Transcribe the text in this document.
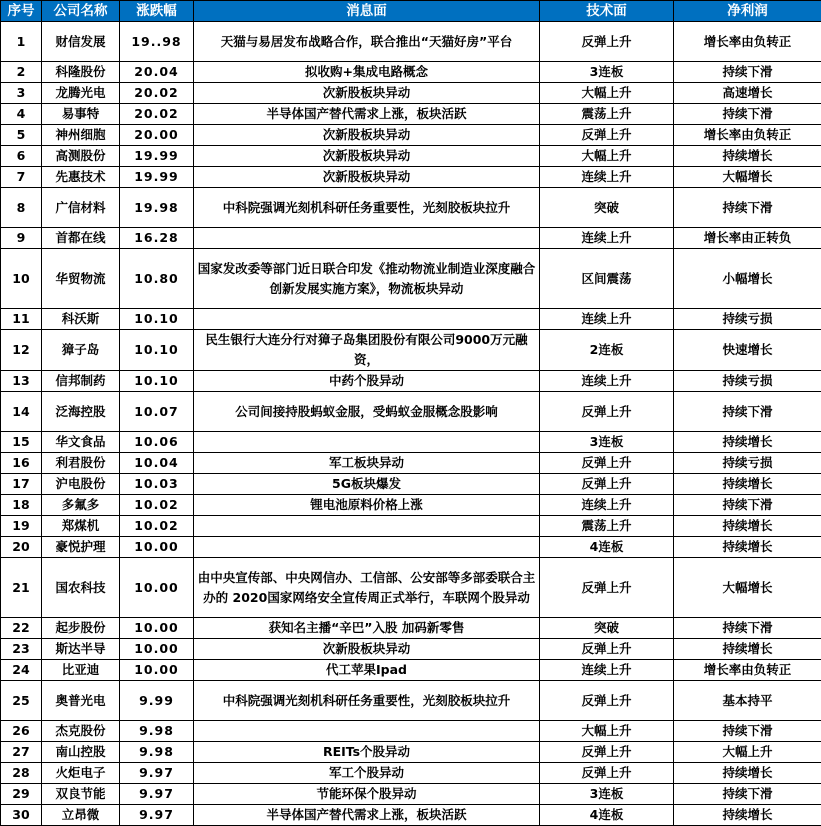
序号	公司名称	涨跌幅	消息面	技术面	净利润
1	财信发展	19..98	天猫与易居发布战略合作，联合推出“天猫好房”平台	反弹上升	增长率由负转正
2	科隆股份	20.04	拟收购+集成电路概念	3连板	持续下滑
3	龙腾光电	20.02	次新股板块异动	大幅上升	高速增长
4	易事特	20.02	半导体国产替代需求上涨，板块活跃	震荡上升	持续下滑
5	神州细胞	20.00	次新股板块异动	反弹上升	增长率由负转正
6	高测股份	19.99	次新股板块异动	大幅上升	持续增长
7	先惠技术	19.99	次新股板块异动	连续上升	大幅增长
8	广信材料	19.98	中科院强调光刻机科研任务重要性，光刻胶板块拉升	突破	持续下滑
9	首都在线	16.28		连续上升	增长率由正转负
10	华贸物流	10.80	国家发改委等部门近日联合印发《推动物流业制造业深度融合创新发展实施方案》，物流板块异动	区间震荡	小幅增长
11	科沃斯	10.10		连续上升	持续亏损
12	獐子岛	10.10	民生银行大连分行对獐子岛集团股份有限公司9000万元融资，	2连板	快速增长
13	信邦制药	10.10	中药个股异动	连续上升	持续亏损
14	泛海控股	10.07	公司间接持股蚂蚁金服，受蚂蚁金服概念股影响	反弹上升	持续下滑
15	华文食品	10.06		3连板	持续增长
16	利君股份	10.04	军工板块异动	反弹上升	持续亏损
17	沪电股份	10.03	5G板块爆发	反弹上升	持续增长
18	多氟多	10.02	锂电池原料价格上涨	连续上升	持续下滑
19	郑煤机	10.02		震荡上升	持续增长
20	豪悦护理	10.00		4连板	持续增长
21	国农科技	10.00	由中央宣传部、中央网信办、工信部、公安部等多部委联合主办的 2020国家网络安全宣传周正式举行，车联网个股异动	反弹上升	大幅增长
22	起步股份	10.00	获知名主播“辛巴”入股 加码新零售	突破	持续下滑
23	斯达半导	10.00	次新股板块异动	反弹上升	持续增长
24	比亚迪	10.00	代工苹果Ipad	连续上升	增长率由负转正
25	奥普光电	9.99	中科院强调光刻机科研任务重要性，光刻胶板块拉升	反弹上升	基本持平
26	杰克股份	9.98		大幅上升	持续下滑
27	南山控股	9.98	REITs个股异动	反弹上升	大幅上升
28	火炬电子	9.97	军工个股异动	反弹上升	持续增长
29	双良节能	9.97	节能环保个股异动	3连板	持续下滑
30	立昂微	9.97	半导体国产替代需求上涨，板块活跃	4连板	持续增长
